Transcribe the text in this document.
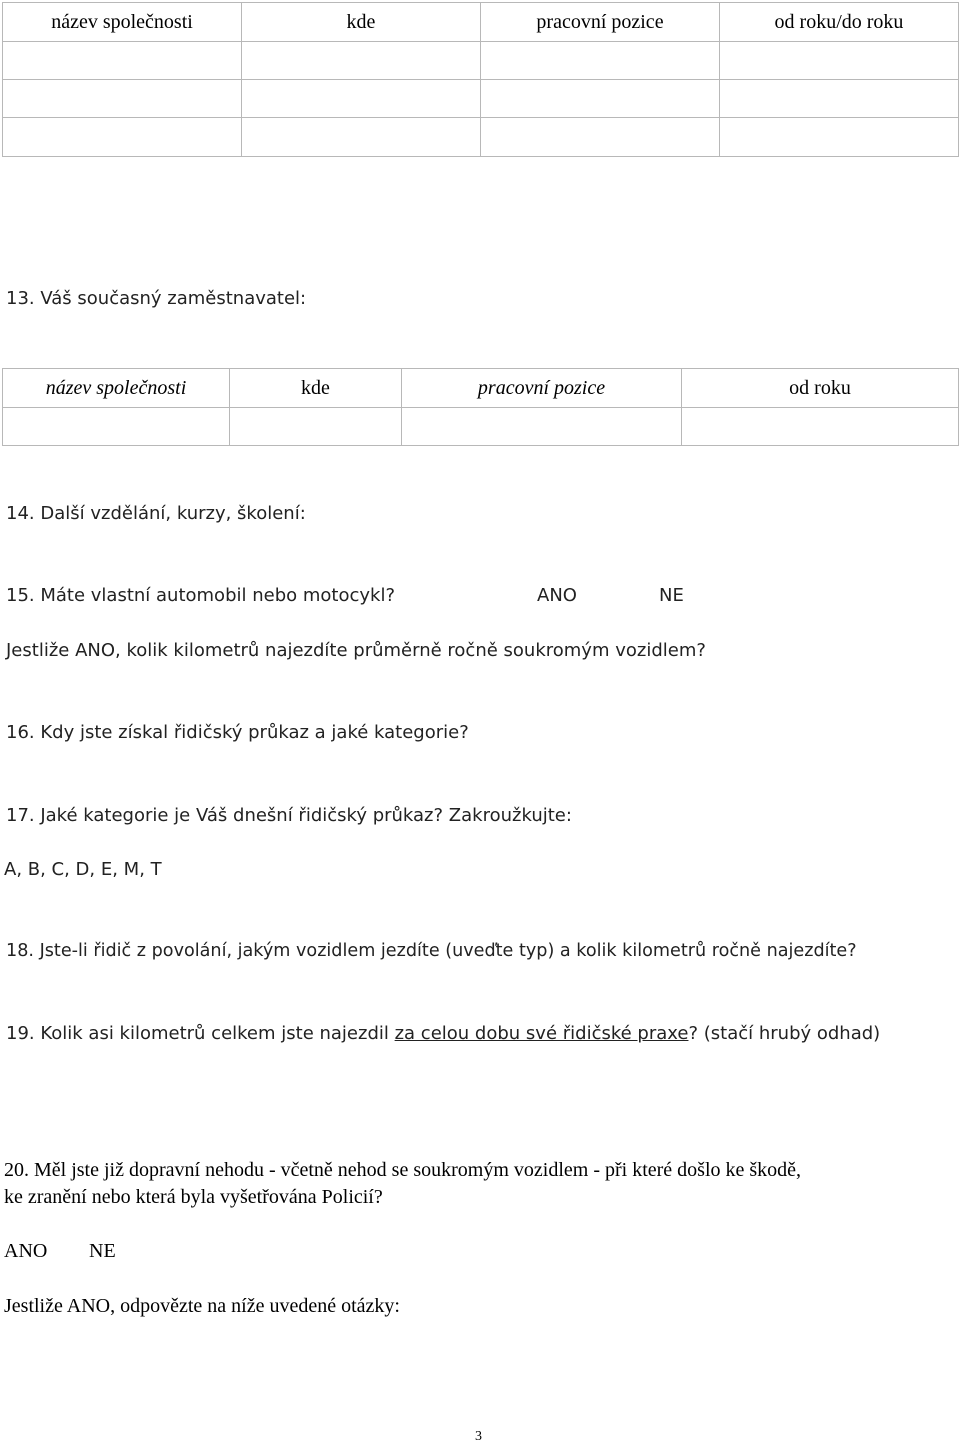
název společnosti	kde	pracovní pozice	od roku/do roku

13. Váš současný zaměstnavatel:
název společnosti	kde	pracovní pozice	od roku

14. Další vzdělání, kurzy, školení:
15. Máte vlastní automobil nebo motocykl?	ANO	NE
Jestliže ANO, kolik kilometrů najezdíte průměrně ročně soukromým vozidlem?
16. Kdy jste získal řidičský průkaz a jaké kategorie?
17. Jaké kategorie je Váš dnešní řidičský průkaz? Zakroužkujte:
A, B, C, D, E, M, T
18. Jste-li řidič z povolání, jakým vozidlem jezdíte (uveďte typ) a kolik kilometrů ročně najezdíte?
19. Kolik asi kilometrů celkem jste najezdil za celou dobu své řidičské praxe? (stačí hrubý odhad)
20. Měl jste již dopravní nehodu - včetně nehod se soukromým vozidlem - při které došlo ke škodě,
ke zranění nebo která byla vyšetřována Policií?
ANO NE
Jestliže ANO, odpovězte na níže uvedené otázky:
3
